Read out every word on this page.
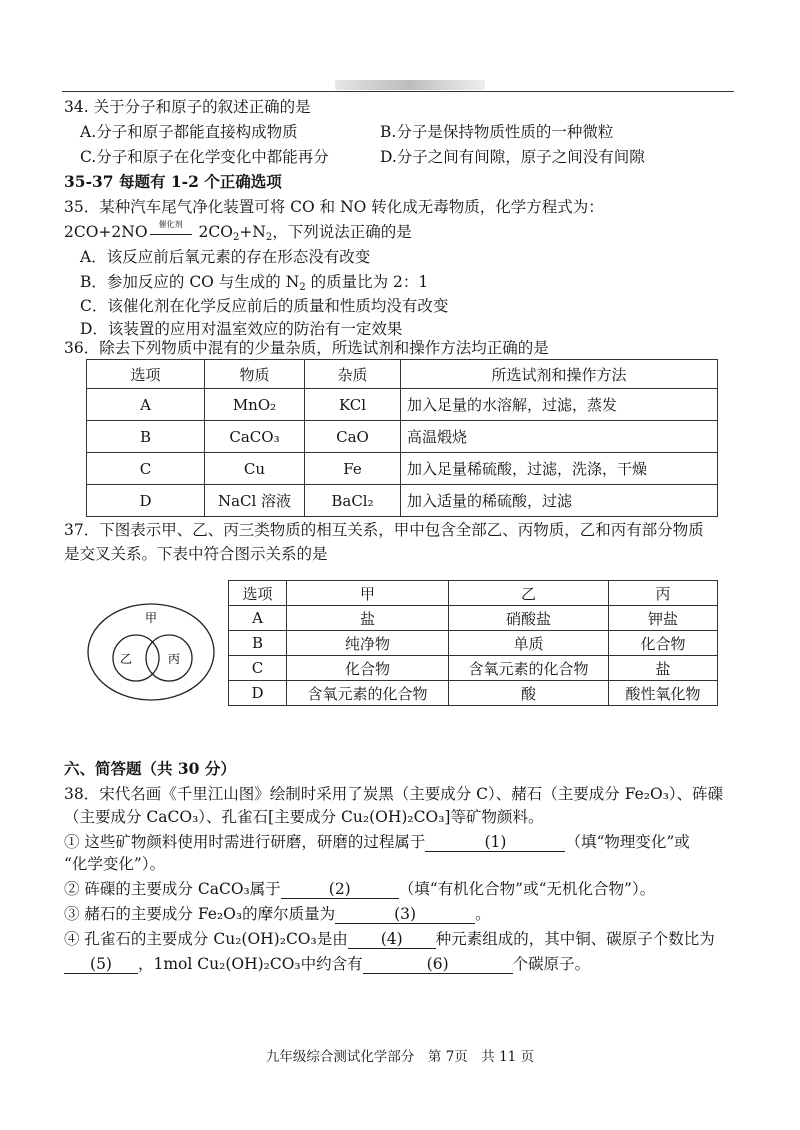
34. 关于分子和原子的叙述正确的是
A.分子和原子都能直接构成物质	B.分子是保持物质性质的一种微粒
C.分子和原子在化学变化中都能再分	D.分子之间有间隙，原子之间没有间隙
35-37 每题有 1-2 个正确选项
35．某种汽车尾气净化装置可将 CO 和 NO 转化成无毒物质，化学方程式为：
2CO+2NO	催化剂	$2CO_2+N_2$，下列说法正确的是
A．该反应前后氧元素的存在形态没有改变
B．参加反应的 CO 与生成的 $N_2$ 的质量比为 2：1
C．该催化剂在化学反应前后的质量和性质均没有改变
D．该装置的应用对温室效应的防治有一定效果
36．除去下列物质中混有的少量杂质，所选试剂和操作方法均正确的是
选项	物质	杂质	所选试剂和操作方法
A	MnO₂	KCl	加入足量的水溶解，过滤，蒸发
B	CaCO₃	CaO	高温煅烧
C	Cu	Fe	加入足量稀硫酸，过滤，洗涤，干燥
D	NaCl 溶液	BaCl₂	加入适量的稀硫酸，过滤
37．下图表示甲、乙、丙三类物质的相互关系，甲中包含全部乙、丙物质，乙和丙有部分物质
是交叉关系。下表中符合图示关系的是
甲
乙	丙
选项	甲	乙	丙
A	盐	硝酸盐	钾盐
B	纯净物	单质	化合物
C	化合物	含氧元素的化合物	盐
D	含氧元素的化合物	酸	酸性氧化物
六、简答题（共 30 分）
38．宋代名画《千里江山图》绘制时采用了炭黑（主要成分 C）、赭石（主要成分 Fe₂O₃）、砗磲
（主要成分 CaCO₃）、孔雀石[主要成分 Cu₂(OH)₂CO₃]等矿物颜料。
① 这些矿物颜料使用时需进行研磨，研磨的过程属于	(1)	（填“物理变化”或
“化学变化”）。
② 砗磲的主要成分 CaCO₃属于	(2)	（填“有机化合物”或“无机化合物”）。
③ 赭石的主要成分 Fe₂O₃的摩尔质量为	(3)	。
④ 孔雀石的主要成分 Cu₂(OH)₂CO₃是由 (4) 种元素组成的，其中铜、碳原子个数比为
(5) ，1mol Cu₂(OH)₂CO₃中约含有	(6)	个碳原子。
九年级综合测试化学部分　第 7页　共 11 页
